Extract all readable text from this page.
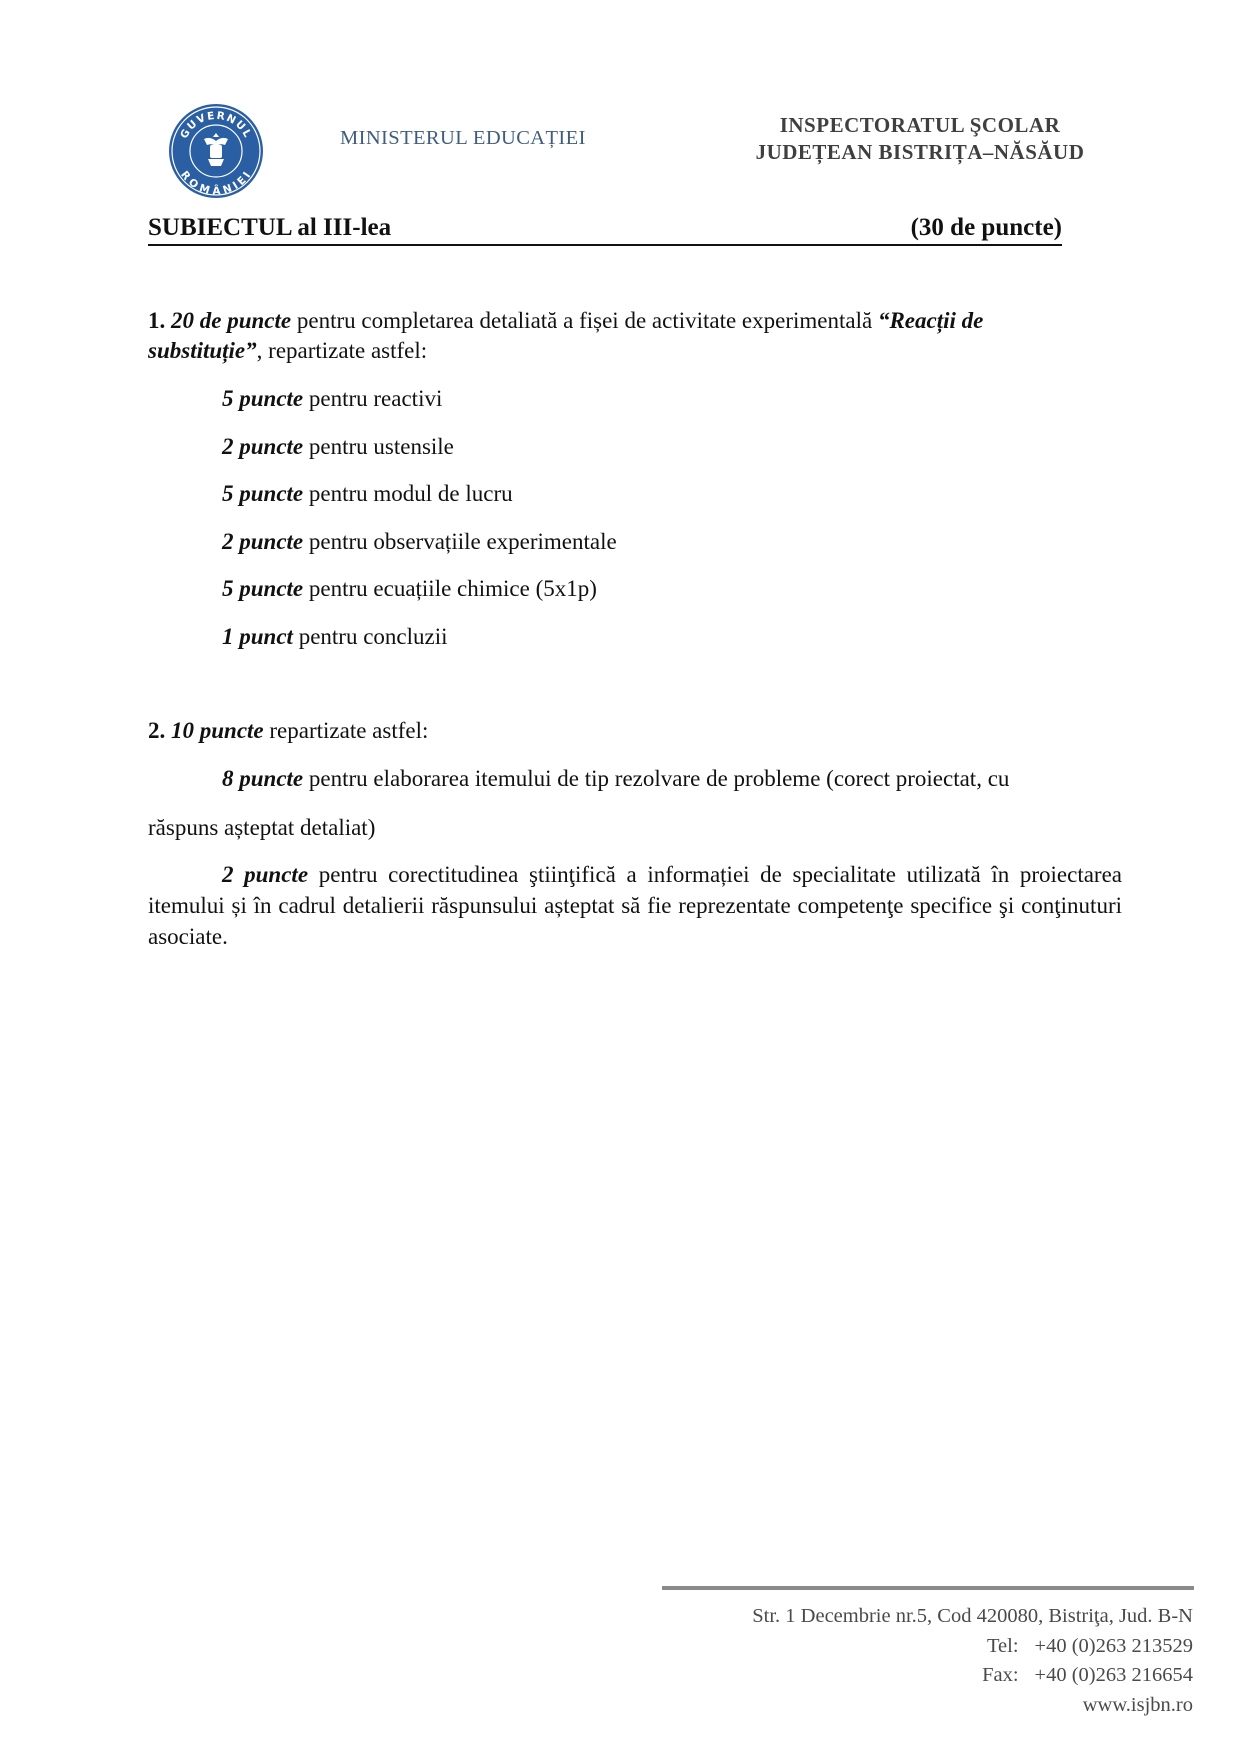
GUVERNUL
ROMÂNIEI
MINISTERUL EDUCAȚIEI
INSPECTORATUL ŞCOLAR
JUDEȚEAN BISTRIȚA–NĂSĂUD
SUBIECTUL al III-lea	(30 de puncte)
1. 20 de puncte pentru completarea detaliată a fișei de activitate experimentală “Reacții de
substituție”, repartizate astfel:
5 puncte pentru reactivi
2 puncte pentru ustensile
5 puncte pentru modul de lucru
2 puncte pentru observațiile experimentale
5 puncte pentru ecuațiile chimice (5x1p)
1 punct pentru concluzii
2. 10 puncte repartizate astfel:
8 puncte pentru elaborarea itemului de tip rezolvare de probleme (corect proiectat, cu
răspuns așteptat detaliat)
2 puncte pentru corectitudinea ştiinţifică a informației de specialitate utilizată în proiectarea itemului și în cadrul detalierii răspunsului așteptat să fie reprezentate competenţe specifice şi conţinuturi asociate.
Str. 1 Decembrie nr.5, Cod 420080, Bistriţa, Jud. B-N
Tel: +40 (0)263 213529
Fax: +40 (0)263 216654
www.isjbn.ro
